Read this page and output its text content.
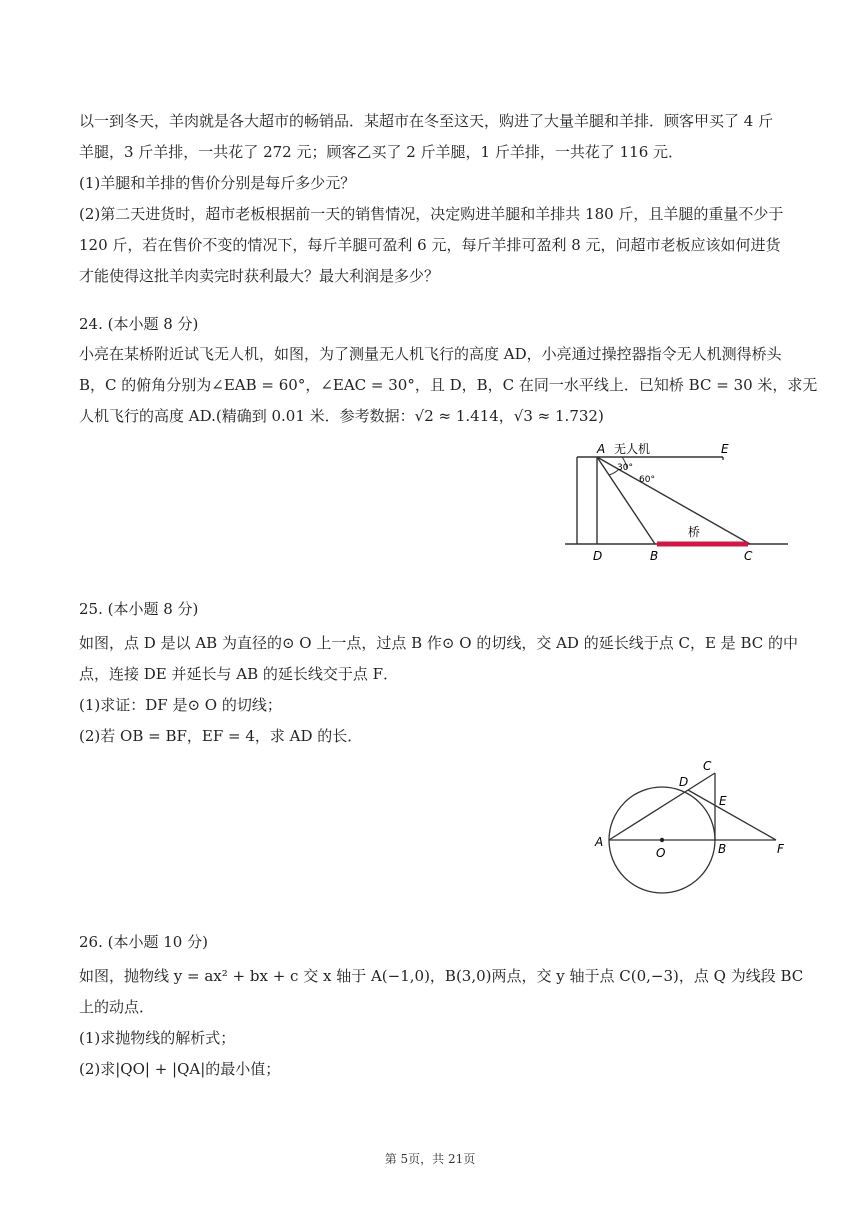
以一到冬天，羊肉就是各大超市的畅销品．某超市在冬至这天，购进了大量羊腿和羊排．顾客甲买了 4 斤
羊腿，3 斤羊排，一共花了 272 元；顾客乙买了 2 斤羊腿，1 斤羊排，一共花了 116 元．
(1)羊腿和羊排的售价分别是每斤多少元？
(2)第二天进货时，超市老板根据前一天的销售情况，决定购进羊腿和羊排共 180 斤，且羊腿的重量不少于
120 斤，若在售价不变的情况下，每斤羊腿可盈利 6 元，每斤羊排可盈利 8 元，问超市老板应该如何进货
才能使得这批羊肉卖完时获利最大？最大利润是多少？

24. (本小题 8 分)

小亮在某桥附近试飞无人机，如图，为了测量无人机飞行的高度 AD，小亮通过操控器指令无人机测得桥头
B，C 的俯角分别为∠EAB = 60°，∠EAC = 30°，且 D，B，C 在同一水平线上．已知桥 BC = 30 米，求无
人机飞行的高度 AD.(精确到 0.01 米．参考数据：√2 ≈ 1.414，√3 ≈ 1.732)
A 无人机	E
30°
60°
桥
D	B	C

25. (本小题 8 分)

如图，点 D 是以 AB 为直径的⊙ O 上一点，过点 B 作⊙ O 的切线，交 AD 的延长线于点 C，E 是 BC 的中
点，连接 DE 并延长与 AB 的延长线交于点 F．
(1)求证：DF 是⊙ O 的切线；
(2)若 OB = BF，EF = 4，求 AD 的长．
A
O	B	F
D
C
E

26. (本小题 10 分)

如图，抛物线 y = ax² + bx + c 交 x 轴于 A(−1,0)，B(3,0)两点，交 y 轴于点 C(0,−3)，点 Q 为线段 BC
上的动点．
(1)求抛物线的解析式；
(2)求|QO| + |QA|的最小值；
第 5页，共 21页
